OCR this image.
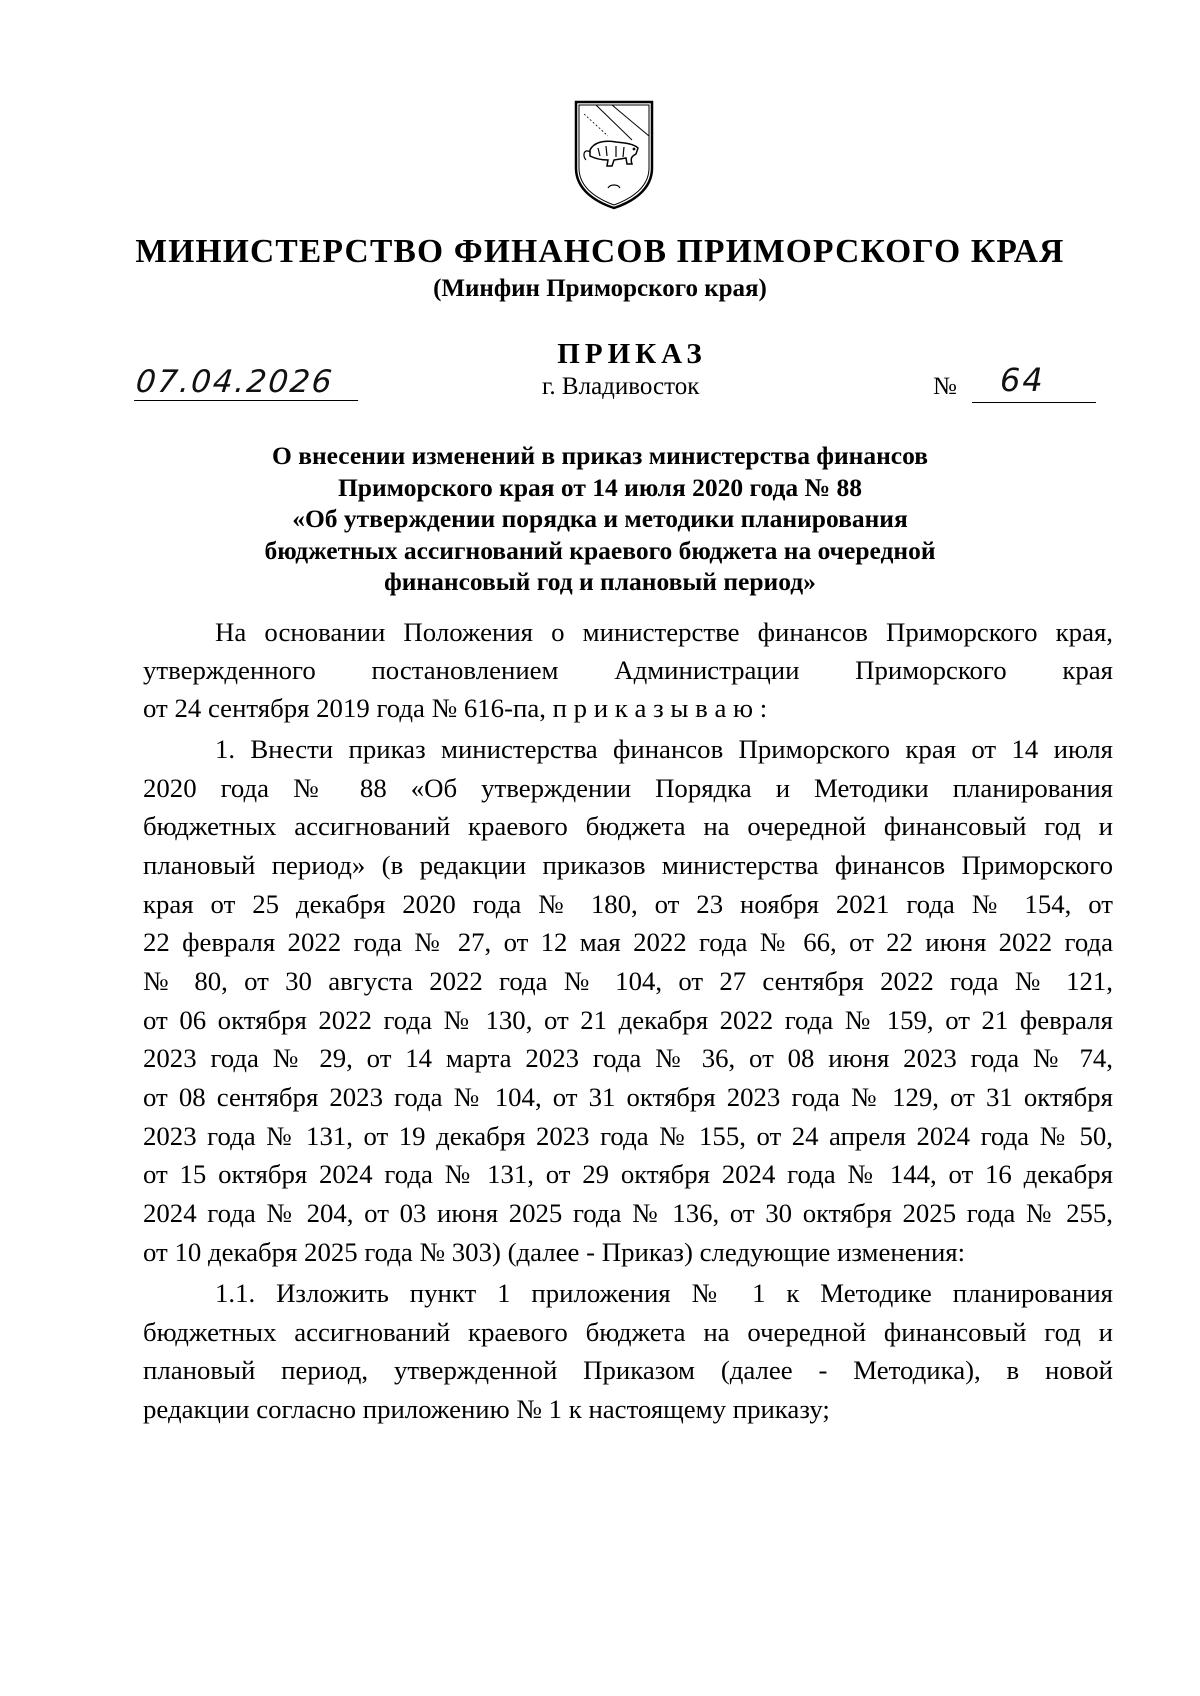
МИНИСТЕРСТВО ФИНАНСОВ ПРИМОРСКОГО КРАЯ
(Минфин Приморского края)
ПРИКАЗ
07.04.2026	г. Владивосток	№ 64
О внесении изменений в приказ министерства финансов
Приморского края от 14 июля 2020 года № 88
«Об утверждении порядка и методики планирования
бюджетных ассигнований краевого бюджета на очередной
финансовый год и плановый период»
На основании Положения о министерстве финансов Приморского края,
утвержденного постановлением Администрации Приморского края
от 24 сентября 2019 года № 616-па, п р и к а з ы в а ю :
1. Внести приказ министерства финансов Приморского края от 14 июля
2020 года № 88 «Об утверждении Порядка и Методики планирования
бюджетных ассигнований краевого бюджета на очередной финансовый год и
плановый период» (в редакции приказов министерства финансов Приморского
края от 25 декабря 2020 года № 180, от 23 ноября 2021 года № 154, от
22 февраля 2022 года № 27, от 12 мая 2022 года № 66, от 22 июня 2022 года
№ 80, от 30 августа 2022 года № 104, от 27 сентября 2022 года № 121,
от 06 октября 2022 года № 130, от 21 декабря 2022 года № 159, от 21 февраля
2023 года № 29, от 14 марта 2023 года № 36, от 08 июня 2023 года № 74,
от 08 сентября 2023 года № 104, от 31 октября 2023 года № 129, от 31 октября
2023 года № 131, от 19 декабря 2023 года № 155, от 24 апреля 2024 года № 50,
от 15 октября 2024 года № 131, от 29 октября 2024 года № 144, от 16 декабря
2024 года № 204, от 03 июня 2025 года № 136, от 30 октября 2025 года № 255,
от 10 декабря 2025 года № 303) (далее - Приказ) следующие изменения:
1.1. Изложить пункт 1 приложения № 1 к Методике планирования
бюджетных ассигнований краевого бюджета на очередной финансовый год и
плановый период, утвержденной Приказом (далее - Методика), в новой
редакции согласно приложению № 1 к настоящему приказу;
